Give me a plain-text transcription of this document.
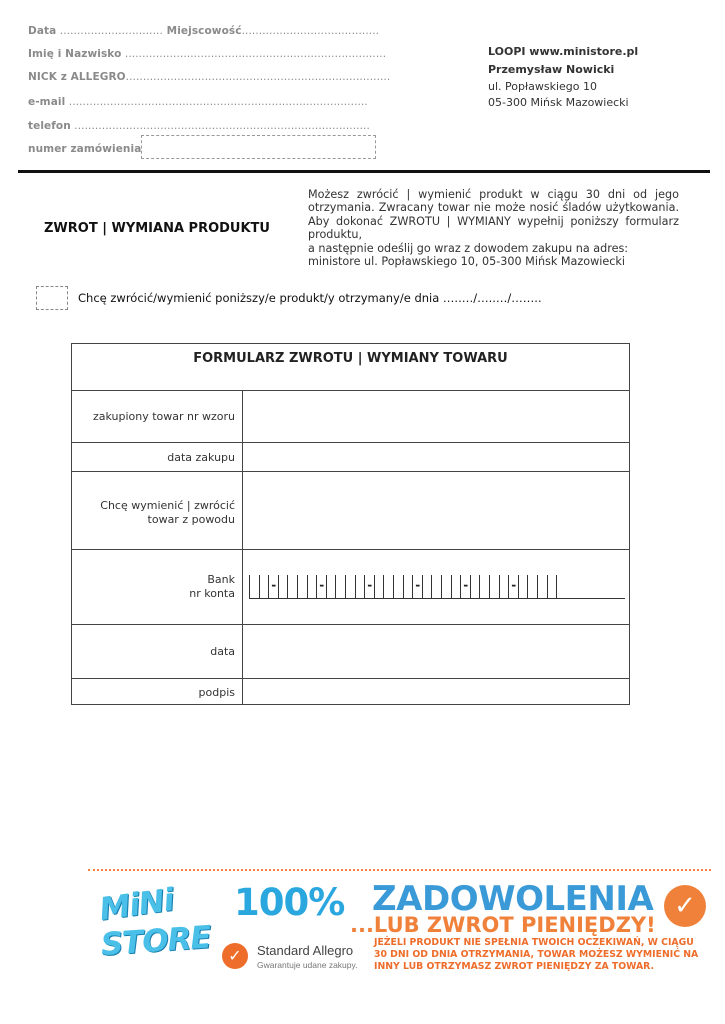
Data .............................. Miejscowość........................................
Imię i Nazwisko ............................................................................
NICK z ALLEGRO.............................................................................
e-mail .......................................................................................
telefon ......................................................................................
numer zamówienia
LOOPI www.ministore.pl
Przemysław Nowicki
ul. Popławskiego 10
05-300 Mińsk Mazowiecki
ZWROT | WYMIANA PRODUKTU
Możesz zwrócić | wymienić produkt w ciągu 30 dni od jego
otrzymania. Zwracany towar nie może nosić śladów użytkowania.
Aby dokonać ZWROTU | WYMIANY wypełnij poniższy formularz
produktu,
a następnie odeślij go wraz z dowodem zakupu na adres:
ministore ul. Popławskiego 10, 05-300 Mińsk Mazowiecki
Chcę zwrócić/wymienić poniższy/e produkt/y otrzymany/e dnia …..…/…..…/……..
FORMULARZ ZWROTU | WYMIANY TOWARU
zakupiony towar nr wzoru
data zakupu
Chcę wymienić | zwrócić
towar z powodu
Bank
nr konta
-	-	-	-	-	-
data
podpis
MiNi
STORE
100% ZADOWOLENIA ✓
...LUB ZWROT PIENIĘDZY!
✓	Standard Allegro
Gwarantuje udane zakupy.
JEŻELI PRODUKT NIE SPEŁNIA TWOICH OCZEKIWAŃ, W CIĄGU
30 DNI OD DNIA OTRZYMANIA, TOWAR MOŻESZ WYMIENIĆ NA
INNY LUB OTRZYMASZ ZWROT PIENIĘDZY ZA TOWAR.
